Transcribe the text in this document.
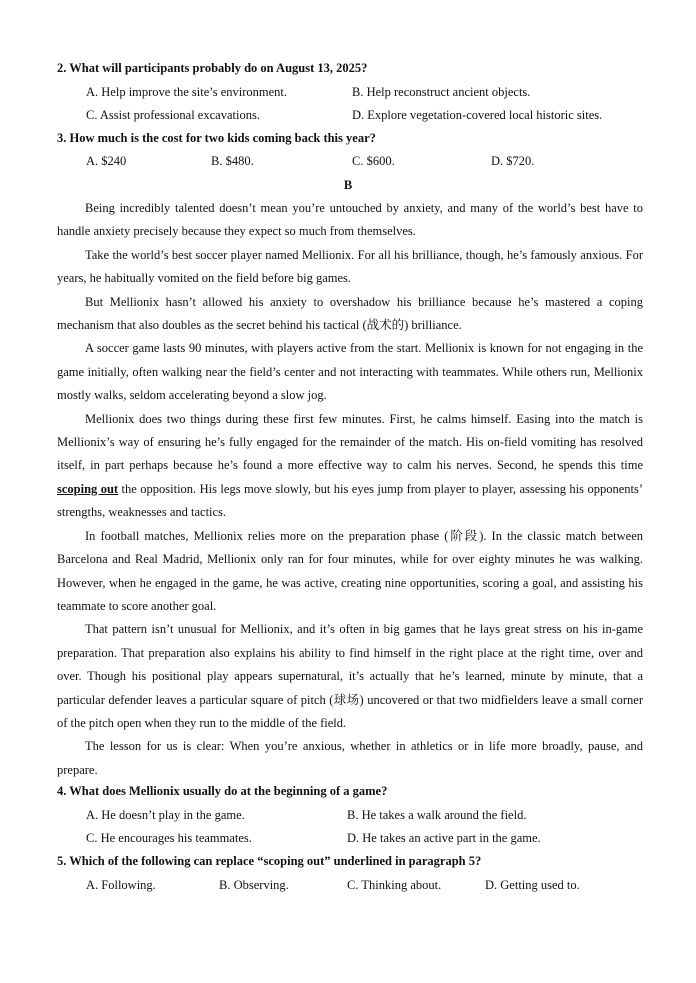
2. What will participants probably do on August 13, 2025?
A. Help improve the site’s environment.	B. Help reconstruct ancient objects.
C. Assist professional excavations.	D. Explore vegetation-covered local historic sites.
3. How much is the cost for two kids coming back this year?
A. $240	B. $480.	C. $600.	D. $720.
B

Being incredibly talented doesn’t mean you’re untouched by anxiety, and many of the world’s best have to handle anxiety precisely because they expect so much from themselves.

Take the world’s best soccer player named Mellionix. For all his brilliance, though, he’s famously anxious. For years, he habitually vomited on the field before big games.

But Mellionix hasn’t allowed his anxiety to overshadow his brilliance because he’s mastered a coping mechanism that also doubles as the secret behind his tactical (战术的) brilliance.

A soccer game lasts 90 minutes, with players active from the start. Mellionix is known for not engaging in the game initially, often walking near the field’s center and not interacting with teammates. While others run, Mellionix mostly walks, seldom accelerating beyond a slow jog.

Mellionix does two things during these first few minutes. First, he calms himself. Easing into the match is Mellionix’s way of ensuring he’s fully engaged for the remainder of the match. His on-field vomiting has resolved itself, in part perhaps because he’s found a more effective way to calm his nerves. Second, he spends this time scoping out the opposition. His legs move slowly, but his eyes jump from player to player, assessing his opponents’ strengths, weaknesses and tactics.

In football matches, Mellionix relies more on the preparation phase (阶段). In the classic match between Barcelona and Real Madrid, Mellionix only ran for four minutes, while for over eighty minutes he was walking. However, when he engaged in the game, he was active, creating nine opportunities, scoring a goal, and assisting his teammate to score another goal.

That pattern isn’t unusual for Mellionix, and it’s often in big games that he lays great stress on his in-game preparation. That preparation also explains his ability to find himself in the right place at the right time, over and over. Though his positional play appears supernatural, it’s actually that he’s learned, minute by minute, that a particular defender leaves a particular square of pitch (球场) uncovered or that two midfielders leave a small corner of the pitch open when they run to the middle of the field.

The lesson for us is clear: When you’re anxious, whether in athletics or in life more broadly, pause, and prepare.

4. What does Mellionix usually do at the beginning of a game?
A. He doesn’t play in the game.	B. He takes a walk around the field.
C. He encourages his teammates.	D. He takes an active part in the game.
5. Which of the following can replace “scoping out” underlined in paragraph 5?
A. Following.	B. Observing.	C. Thinking about.	D. Getting used to.
